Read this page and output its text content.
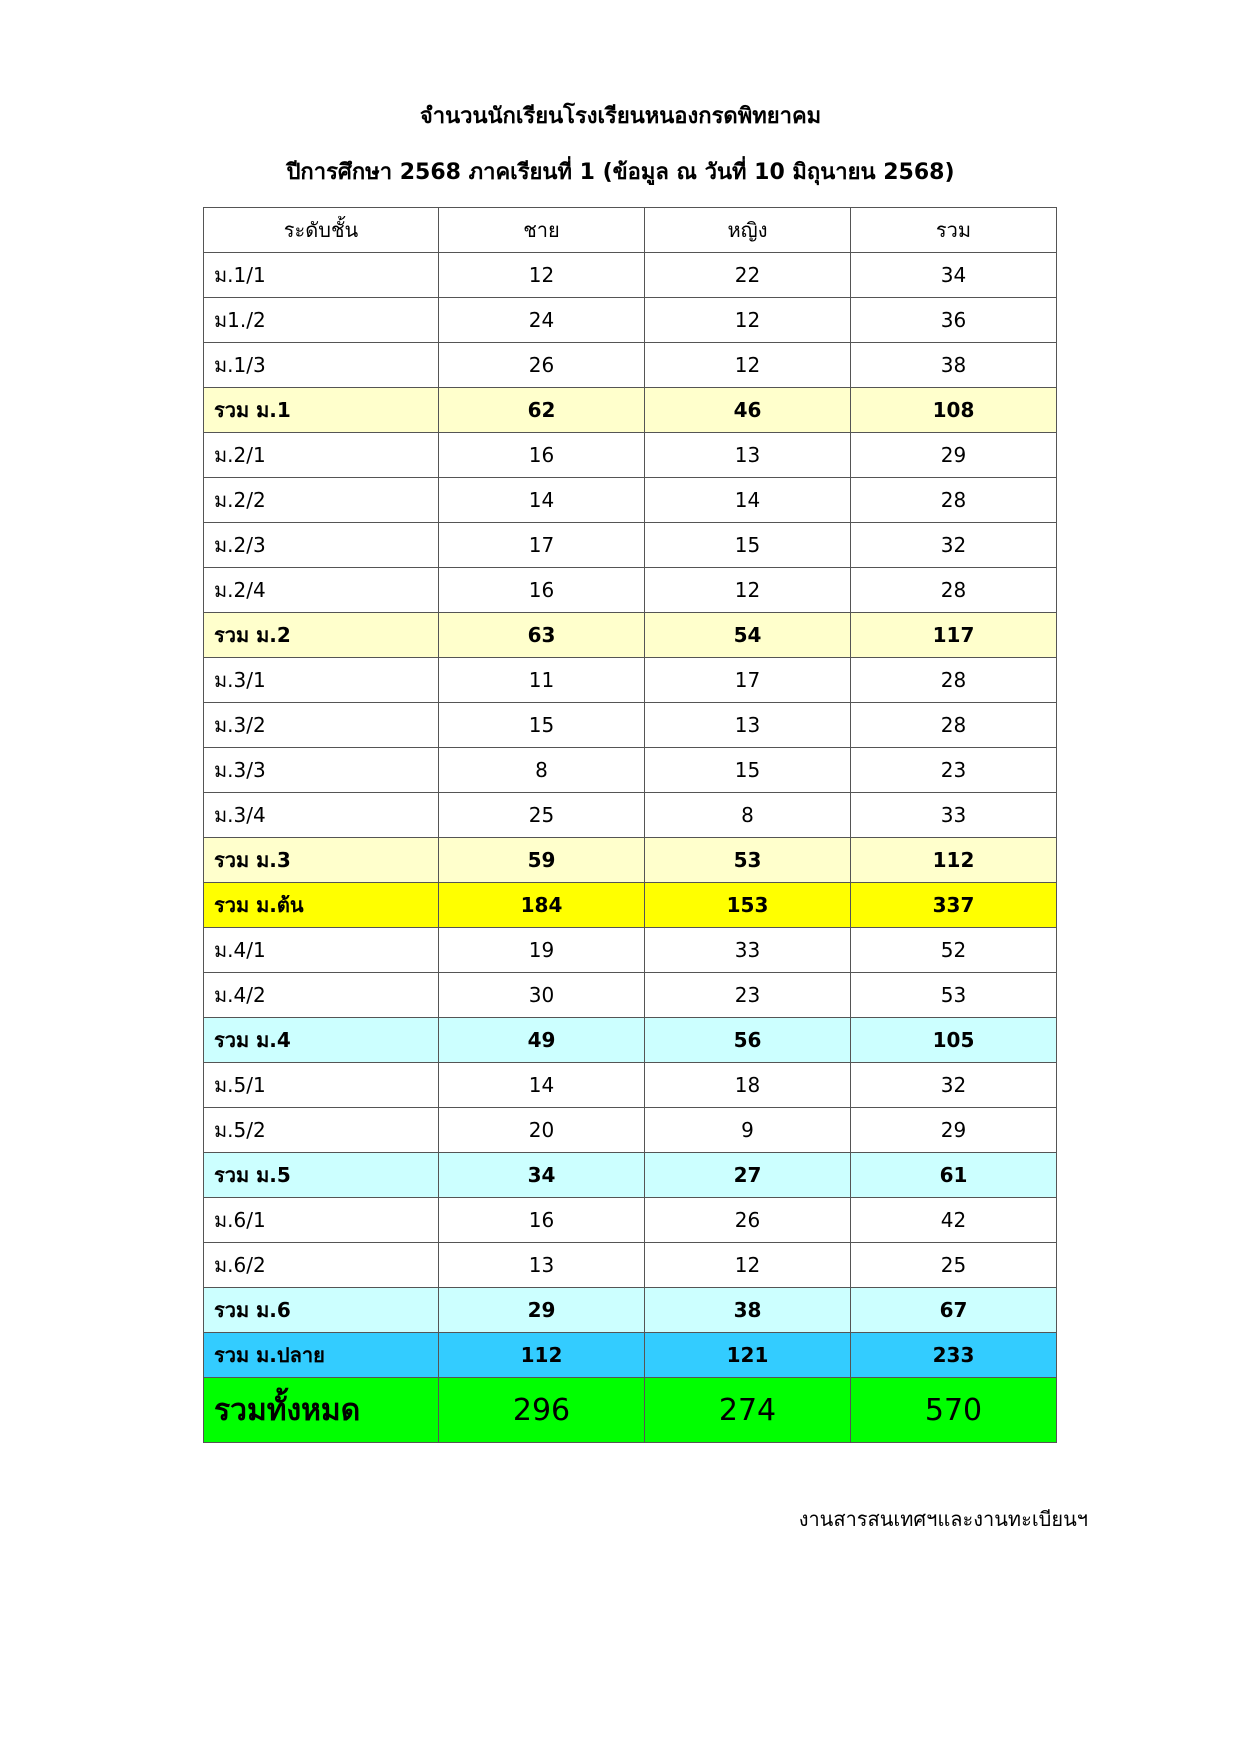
จำนวนนักเรียนโรงเรียนหนองกรดพิทยาคม
ปีการศึกษา 2568 ภาคเรียนที่ 1 (ข้อมูล ณ วันที่ 10 มิถุนายน 2568)
ระดับชั้น	ชาย	หญิง	รวม
ม.1/1	12	22	34
ม1./2	24	12	36
ม.1/3	26	12	38
รวม ม.1	62	46	108
ม.2/1	16	13	29
ม.2/2	14	14	28
ม.2/3	17	15	32
ม.2/4	16	12	28
รวม ม.2	63	54	117
ม.3/1	11	17	28
ม.3/2	15	13	28
ม.3/3	8	15	23
ม.3/4	25	8	33
รวม ม.3	59	53	112
รวม ม.ต้น	184	153	337
ม.4/1	19	33	52
ม.4/2	30	23	53
รวม ม.4	49	56	105
ม.5/1	14	18	32
ม.5/2	20	9	29
รวม ม.5	34	27	61
ม.6/1	16	26	42
ม.6/2	13	12	25
รวม ม.6	29	38	67
รวม ม.ปลาย	112	121	233
รวมทั้งหมด	296	274	570
งานสารสนเทศฯและงานทะเบียนฯ
